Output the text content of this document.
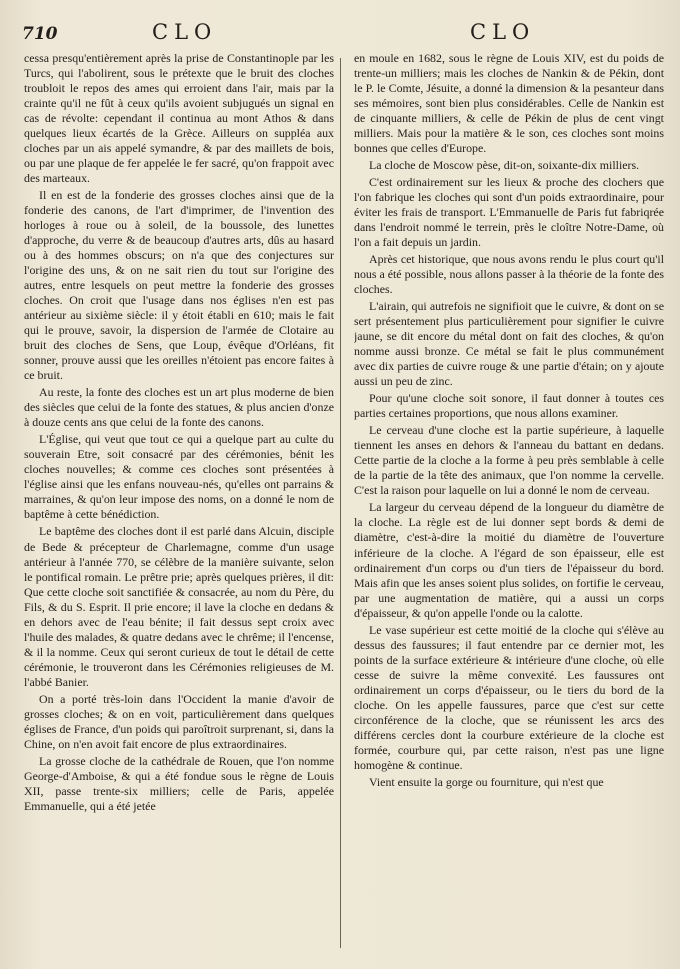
710	CLO	CLO

cessa presqu'entièrement après la prise de Constantinople par les Turcs, qui l'abolirent, sous le prétexte que le bruit des cloches troubloit le repos des ames qui erroient dans l'air, mais par la crainte qu'il ne fût à ceux qu'ils avoient subjugués un signal en cas de révolte: cependant il continua au mont Athos & dans quelques lieux écartés de la Grèce. Ailleurs on suppléa aux cloches par un ais appelé symandre, & par des maillets de bois, ou par une plaque de fer appelée le fer sacré, qu'on frappoit avec des marteaux.

Il en est de la fonderie des grosses cloches ainsi que de la fonderie des canons, de l'art d'imprimer, de l'invention des horloges à roue ou à soleil, de la boussole, des lunettes d'approche, du verre & de beaucoup d'autres arts, dûs au hasard ou à des hommes obscurs; on n'a que des conjectures sur l'origine des uns, & on ne sait rien du tout sur l'origine des autres, entre lesquels on peut mettre la fonderie des grosses cloches. On croit que l'usage dans nos églises n'en est pas antérieur au sixième siècle: il y étoit établi en 610; mais le fait qui le prouve, savoir, la dispersion de l'armée de Clotaire au bruit des cloches de Sens, que Loup, évêque d'Orléans, fit sonner, prouve aussi que les oreilles n'étoient pas encore faites à ce bruit.

Au reste, la fonte des cloches est un art plus moderne de bien des siècles que celui de la fonte des statues, & plus ancien d'onze à douze cents ans que celui de la fonte des canons.

L'Église, qui veut que tout ce qui a quelque part au culte du souverain Etre, soit consacré par des cérémonies, bénit les cloches nouvelles; & comme ces cloches sont présentées à l'église ainsi que les enfans nouveau-nés, qu'elles ont parrains & marraines, & qu'on leur impose des noms, on a donné le nom de baptême à cette bénédiction.

Le baptême des cloches dont il est parlé dans Alcuin, disciple de Bede & précepteur de Charlemagne, comme d'un usage antérieur à l'année 770, se célèbre de la manière suivante, selon le pontifical romain. Le prêtre prie; après quelques prières, il dit: Que cette cloche soit sanctifiée & consacrée, au nom du Père, du Fils, & du S. Esprit. Il prie encore; il lave la cloche en dedans & en dehors avec de l'eau bénite; il fait dessus sept croix avec l'huile des malades, & quatre dedans avec le chrême; il l'encense, & il la nomme. Ceux qui seront curieux de tout le détail de cette cérémonie, le trouveront dans les Cérémonies religieuses de M. l'abbé Banier.

On a porté très-loin dans l'Occident la manie d'avoir de grosses cloches; & on en voit, particulièrement dans quelques églises de France, d'un poids qui paroîtroit surprenant, si, dans la Chine, on n'en avoit fait encore de plus extraordinaires.

La grosse cloche de la cathédrale de Rouen, que l'on nomme George-d'Amboise, & qui a été fondue sous le règne de Louis XII, passe trente-six milliers; celle de Paris, appelée Emmanuelle, qui a été jetée

en moule en 1682, sous le règne de Louis XIV, est du poids de trente-un milliers; mais les cloches de Nankin & de Pékin, dont le P. le Comte, Jésuite, a donné la dimension & la pesanteur dans ses mémoires, sont bien plus considérables. Celle de Nankin est de cinquante milliers, & celle de Pékin de plus de cent vingt milliers. Mais pour la matière & le son, ces cloches sont moins bonnes que celles d'Europe.

La cloche de Moscow pèse, dit-on, soixante-dix milliers.

C'est ordinairement sur les lieux & proche des clochers que l'on fabrique les cloches qui sont d'un poids extraordinaire, pour éviter les frais de transport. L'Emmanuelle de Paris fut fabriqrée dans l'endroit nommé le terrein, près le cloître Notre-Dame, où l'on a fait depuis un jardin.

Après cet historique, que nous avons rendu le plus court qu'il nous a été possible, nous allons passer à la théorie de la fonte des cloches.

L'airain, qui autrefois ne signifioit que le cuivre, & dont on se sert présentement plus particulièrement pour signifier le cuivre jaune, se dit encore du métal dont on fait des cloches, & qu'on nomme aussi bronze. Ce métal se fait le plus communément avec dix parties de cuivre rouge & une partie d'étain; on y ajoute aussi un peu de zinc.

Pour qu'une cloche soit sonore, il faut donner à toutes ces parties certaines proportions, que nous allons examiner.

Le cerveau d'une cloche est la partie supérieure, à laquelle tiennent les anses en dehors & l'anneau du battant en dedans. Cette partie de la cloche a la forme à peu près semblable à celle de la partie de la tête des animaux, que l'on nomme la cervelle. C'est la raison pour laquelle on lui a donné le nom de cerveau.

La largeur du cerveau dépend de la longueur du diamètre de la cloche. La règle est de lui donner sept bords & demi de diamètre, c'est-à-dire la moitié du diamètre de l'ouverture inférieure de la cloche. A l'égard de son épaisseur, elle est ordinairement d'un corps ou d'un tiers de l'épaisseur du bord. Mais afin que les anses soient plus solides, on fortifie le cerveau, par une augmentation de matière, qui a aussi un corps d'épaisseur, & qu'on appelle l'onde ou la calotte.

Le vase supérieur est cette moitié de la cloche qui s'élève au dessus des faussures; il faut entendre par ce dernier mot, les points de la surface extérieure & intérieure d'une cloche, où elle cesse de suivre la même convexité. Les faussures ont ordinairement un corps d'épaisseur, ou le tiers du bord de la cloche. On les appelle faussures, parce que c'est sur cette circonférence de la cloche, que se réunissent les arcs des différens cercles dont la courbure extérieure de la cloche est formée, courbure qui, par cette raison, n'est pas une ligne homogène & continue.

Vient ensuite la gorge ou fourniture, qui n'est que
